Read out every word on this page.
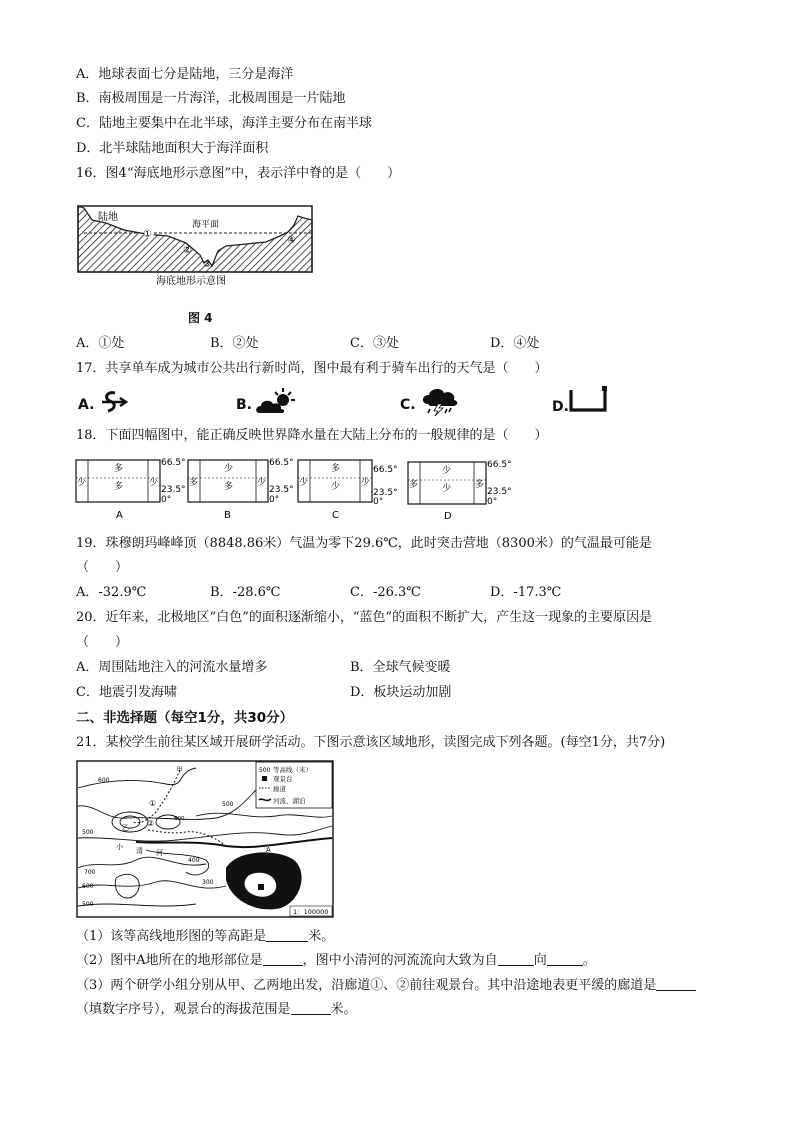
A．地球表面七分是陆地，三分是海洋
B．南极周围是一片海洋，北极周围是一片陆地
C．陆地主要集中在北半球，海洋主要分布在南半球
D．北半球陆地面积大于海洋面积
16．图4“海底地形示意图”中，表示洋中脊的是（　　）
陆地
海平面
①
②
③
④
海底地形示意图
图 4
A．①处	B．②处	C．③处	D．④处
17．共享单车成为城市公共出行新时尚，图中最有利于骑车出行的天气是（　　）
A.	B.	C.	D.
18．下面四幅图中，能正确反映世界降水量在大陆上分布的一般规律的是（　　）
多
多
少	少
66.5°
23.5°
0°
A
少
多
多	少
66.5°
23.5°
0°
B
多
少
少	少
66.5°
23.5°
0°
C
少
少
多	多
66.5°
23.5°
0°
D
19．珠穆朗玛峰峰顶（8848.86米）气温为零下29.6℃，此时突击营地（8300米）的气温最可能是
（　　）
A．-32.9℃	B．-28.6℃	C．-26.3℃	D．-17.3℃
20．近年来，北极地区“白色”的面积逐渐缩小，“蓝色”的面积不断扩大，产生这一现象的主要原因是
（　　）
A．周围陆地注入的河流水量增多	B．全球气候变暖
C．地震引发海啸	D．板块运动加剧
二、非选择题（每空1分，共30分）
21．某校学生前往某区域开展研学活动。下图示意该区域地形，读图完成下列各题。(每空1分，共7分)
500 等高线（米）
观景台
廊道
河流、湖泊
甲
乙
A
小 清 河
①
②
600
500
600
500
400
300
700
600
500
1：100000
（1）该等高线地形图的等高距是	米。
（2）图中A地所在的地形部位是	，图中小清河的河流流向大致为自	向	。
（3）两个研学小组分别从甲、乙两地出发，沿廊道①、②前往观景台。其中沿途地表更平缓的廊道是
（填数字序号），观景台的海拔范围是	米。
